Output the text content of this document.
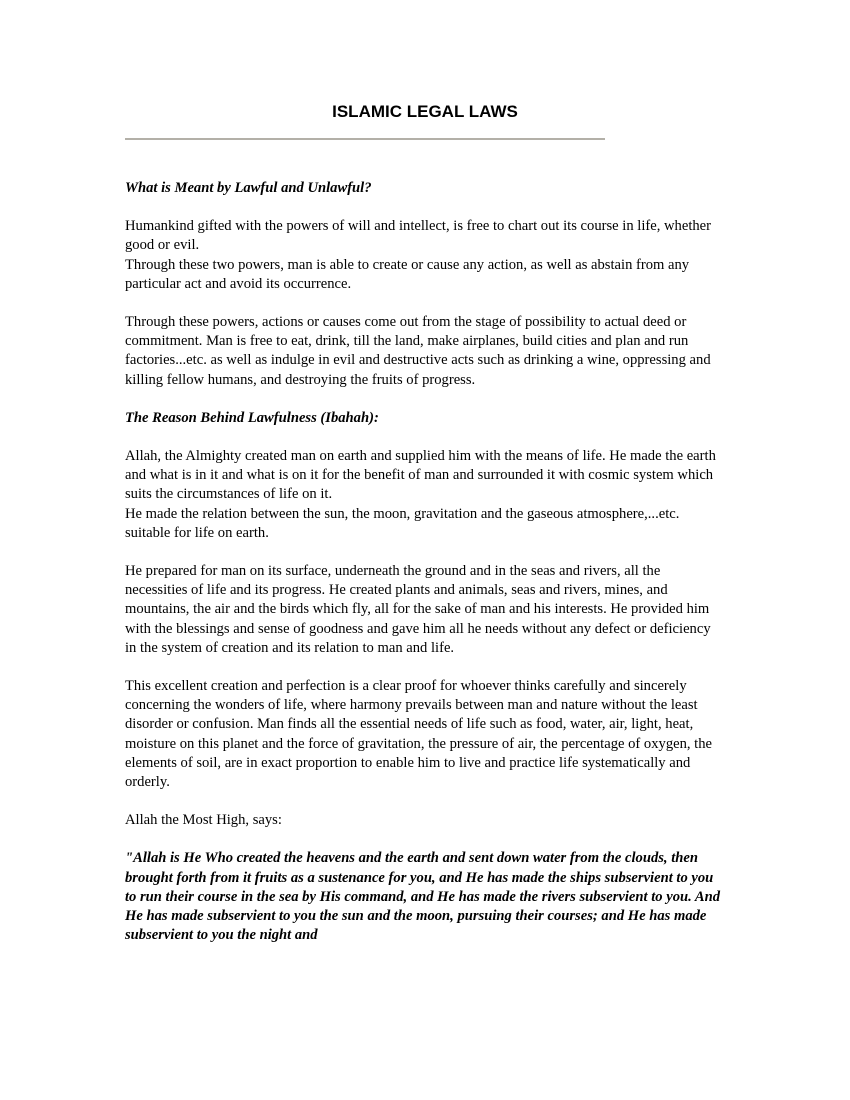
ISLAMIC LEGAL LAWS

What is Meant by Lawful and Unlawful?

Humankind gifted with the powers of will and intellect, is free to chart out its course in life, whether good or evil.

Through these two powers, man is able to create or cause any action, as well as abstain from any particular act and avoid its occurrence.

Through these powers, actions or causes come out from the stage of possibility to actual deed or commitment. Man is free to eat, drink, till the land, make airplanes, build cities and plan and run factories...etc. as well as indulge in evil and destructive acts such as drinking a wine, oppressing and killing fellow humans, and destroying the fruits of progress.

The Reason Behind Lawfulness (Ibahah):

Allah, the Almighty created man on earth and supplied him with the means of life. He made the earth and what is in it and what is on it for the benefit of man and surrounded it with cosmic system which suits the circumstances of life on it.

He made the relation between the sun, the moon, gravitation and the gaseous atmosphere,...etc. suitable for life on earth.

He prepared for man on its surface, underneath the ground and in the seas and rivers, all the necessities of life and its progress. He created plants and animals, seas and rivers, mines, and mountains, the air and the birds which fly, all for the sake of man and his interests. He provided him with the blessings and sense of goodness and gave him all he needs without any defect or deficiency in the system of creation and its relation to man and life.

This excellent creation and perfection is a clear proof for whoever thinks carefully and sincerely concerning the wonders of life, where harmony prevails between man and nature without the least disorder or confusion. Man finds all the essential needs of life such as food, water, air, light, heat, moisture on this planet and the force of gravitation, the pressure of air, the percentage of oxygen, the elements of soil, are in exact proportion to enable him to live and practice life systematically and orderly.

Allah the Most High, says:

"Allah is He Who created the heavens and the earth and sent down water from the clouds, then brought forth from it fruits as a sustenance for you, and He has made the ships subservient to you to run their course in the sea by His command, and He has made the rivers subservient to you. And He has made subservient to you the sun and the moon, pursuing their courses; and He has made subservient to you the night and
